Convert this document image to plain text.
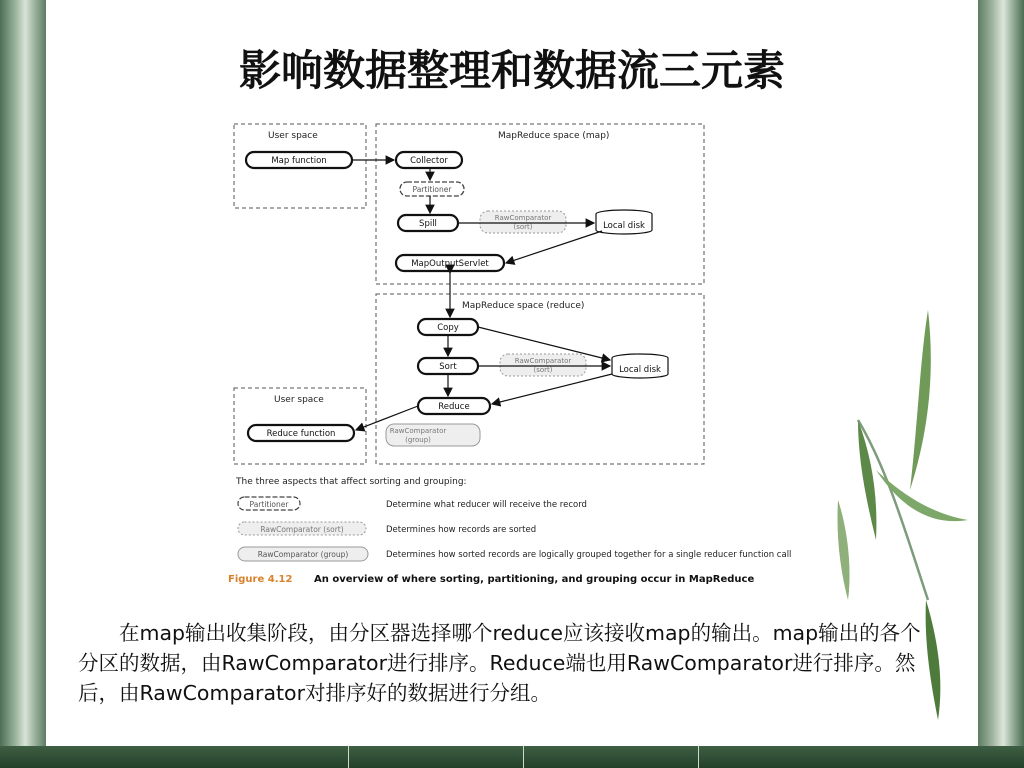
影响数据整理和数据流三元素
User space	MapReduce space (map)
MapReduce space (reduce)
User space
Map function	Collector
Partitioner
Spill
RawComparator
(sort)	Local disk
MapOutputServlet
Copy
Sort
RawComparator
(sort)	Local disk
Reduce
Reduce function	RawComparator
(group)
The three aspects that affect sorting and grouping:
Partitioner	Determine what reducer will receive the record
RawComparator (sort)	Determines how records are sorted
RawComparator (group)	Determines how sorted records are logically grouped together for a single reducer function call
Figure 4.12 An overview of where sorting, partitioning, and grouping occur in MapReduce
在map输出收集阶段，由分区器选择哪个reduce应该接收map的输出。map输出的各个分区的数据，由RawComparator进行排序。Reduce端也用RawComparator进行排序。然后，由RawComparator对排序好的数据进行分组。
